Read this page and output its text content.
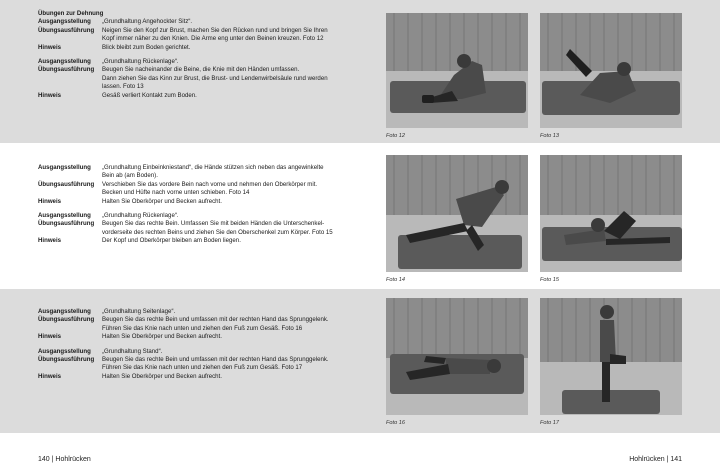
Übungen zur Dehnung
Ausgangsstellung	„Grundhaltung Angehockter Sitz“.
Übungsausführung	Neigen Sie den Kopf zur Brust, machen Sie den Rücken rund und bringen Sie Ihren
Kopf immer näher zu den Knien. Die Arme eng unter den Beinen kreuzen. Foto 12
Hinweis	Blick bleibt zum Boden gerichtet.
Ausgangsstellung	„Grundhaltung Rückenlage“.
Übungsausführung	Beugen Sie nacheinander die Beine, die Knie mit den Händen umfassen.
Dann ziehen Sie das Kinn zur Brust, die Brust- und Lendenwirbelsäule rund werden
lassen. Foto 13
Hinweis	Gesäß verliert Kontakt zum Boden.
Ausgangsstellung	„Grundhaltung Einbeinkniestand“, die Hände stützen sich neben das angewinkelte
Bein ab (am Boden).
Übungsausführung	Verschieben Sie das vordere Bein nach vorne und nehmen den Oberkörper mit.
Becken und Hüfte nach vorne unten schieben. Foto 14
Hinweis	Halten Sie Oberkörper und Becken aufrecht.
Ausgangsstellung	„Grundhaltung Rückenlage“.
Übungsausführung	Beugen Sie das rechte Bein. Umfassen Sie mit beiden Händen die Unterschenkel-
vorderseite des rechten Beins und ziehen Sie den Oberschenkel zum Körper. Foto 15
Hinweis	Der Kopf und Oberkörper bleiben am Boden liegen.
Ausgangsstellung	„Grundhaltung Seitenlage“.
Übungsausführung	Beugen Sie das rechte Bein und umfassen mit der rechten Hand das Sprunggelenk.
Führen Sie das Knie nach unten und ziehen den Fuß zum Gesäß. Foto 16
Hinweis	Halten Sie Oberkörper und Becken aufrecht.
Ausgangsstellung	„Grundhaltung Stand“.
Übungsausführung	Beugen Sie das rechte Bein und umfassen mit der rechten Hand das Sprunggelenk.
Führen Sie das Knie nach unten und ziehen den Fuß zum Gesäß. Foto 17
Hinweis	Halten Sie Oberkörper und Becken aufrecht.
Foto 12	Foto 13
Foto 14	Foto 15
Foto 16	Foto 17
140 | Hohlrücken	Hohlrücken | 141
